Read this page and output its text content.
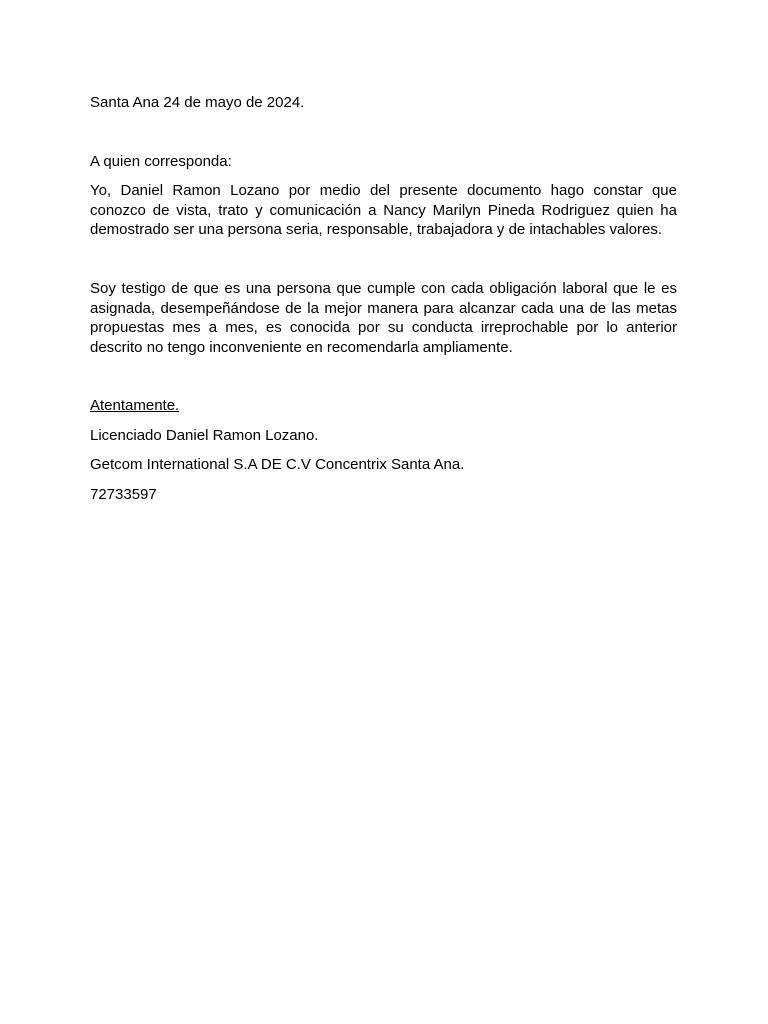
Santa Ana 24 de mayo de 2024.

A quien corresponda:

Yo, Daniel Ramon Lozano por medio del presente documento hago constar que conozco de vista, trato y comunicación a Nancy Marilyn Pineda Rodriguez quien ha demostrado ser una persona seria, responsable, trabajadora y de intachables valores.

Soy testigo de que es una persona que cumple con cada obligación laboral que le es asignada, desempeñándose de la mejor manera para alcanzar cada una de las metas propuestas mes a mes, es conocida por su conducta irreprochable por lo anterior descrito no tengo inconveniente en recomendarla ampliamente.

Atentamente.

Licenciado Daniel Ramon Lozano.

Getcom International S.A DE C.V Concentrix Santa Ana.

72733597
